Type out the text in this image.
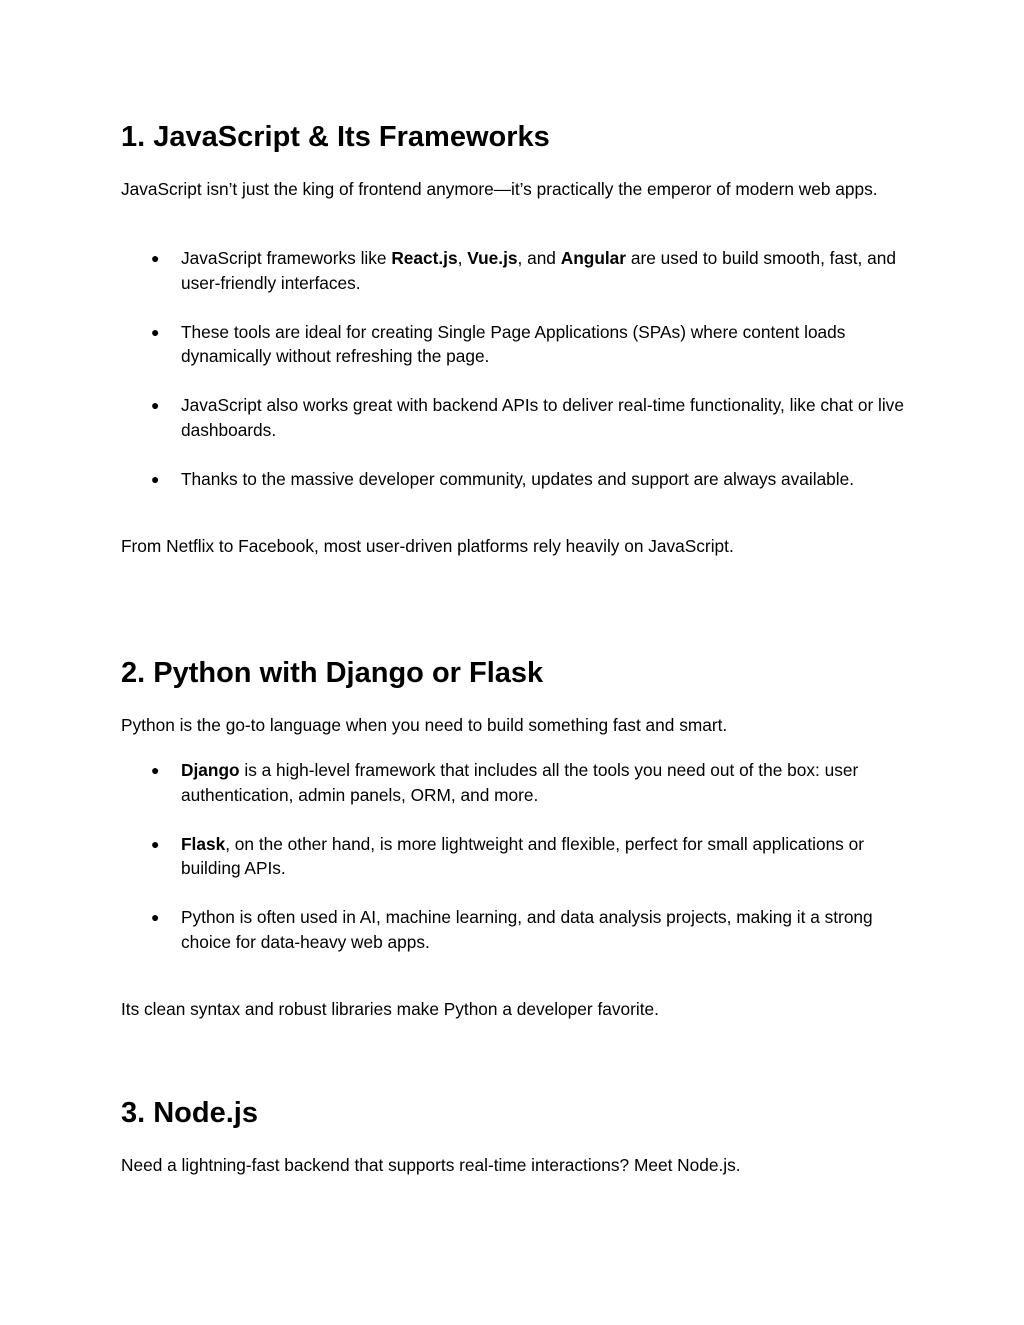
1. JavaScript & Its Frameworks

JavaScript isn’t just the king of frontend anymore—it’s practically the emperor of modern web apps.

● JavaScript frameworks like React.js, Vue.js, and Angular are used to build smooth, fast, and user-friendly interfaces.
● These tools are ideal for creating Single Page Applications (SPAs) where content loads dynamically without refreshing the page.
● JavaScript also works great with backend APIs to deliver real-time functionality, like chat or live dashboards.
● Thanks to the massive developer community, updates and support are always available.

From Netflix to Facebook, most user-driven platforms rely heavily on JavaScript.

2. Python with Django or Flask

Python is the go-to language when you need to build something fast and smart.

● Django is a high-level framework that includes all the tools you need out of the box: user authentication, admin panels, ORM, and more.
● Flask, on the other hand, is more lightweight and flexible, perfect for small applications or building APIs.
● Python is often used in AI, machine learning, and data analysis projects, making it a strong choice for data-heavy web apps.

Its clean syntax and robust libraries make Python a developer favorite.

3. Node.js

Need a lightning-fast backend that supports real-time interactions? Meet Node.js.
